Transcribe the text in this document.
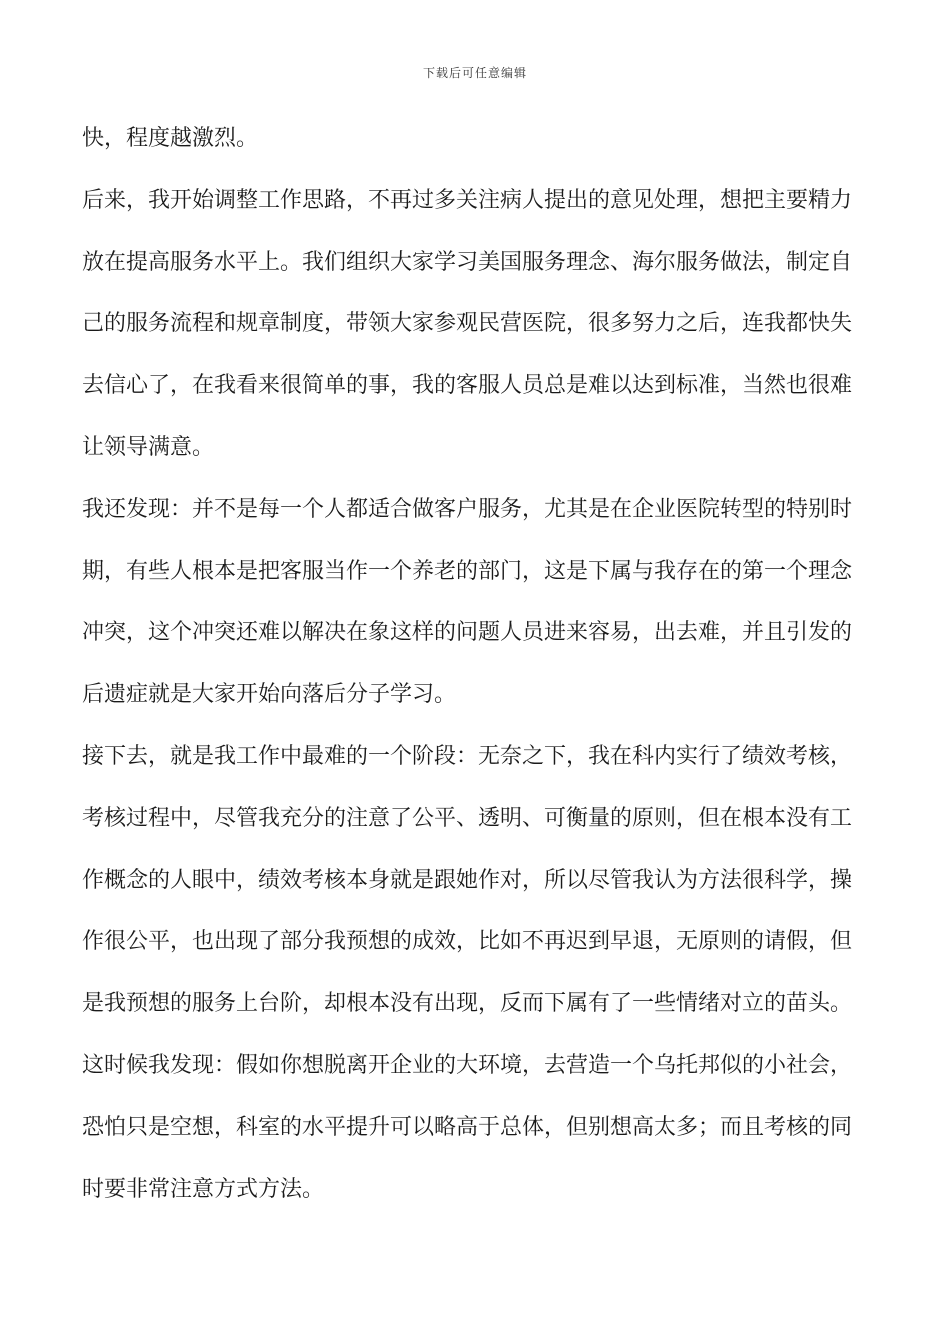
下载后可任意编辑
快，程度越激烈。
后来，我开始调整工作思路，不再过多关注病人提出的意见处理，想把主要精力
放在提高服务水平上。我们组织大家学习美国服务理念、海尔服务做法，制定自
己的服务流程和规章制度，带领大家参观民营医院，很多努力之后，连我都快失
去信心了，在我看来很简单的事，我的客服人员总是难以达到标准，当然也很难
让领导满意。
我还发现：并不是每一个人都适合做客户服务，尤其是在企业医院转型的特别时
期，有些人根本是把客服当作一个养老的部门，这是下属与我存在的第一个理念
冲突，这个冲突还难以解决在象这样的问题人员进来容易，出去难，并且引发的
后遗症就是大家开始向落后分子学习。
接下去，就是我工作中最难的一个阶段：无奈之下，我在科内实行了绩效考核，
考核过程中，尽管我充分的注意了公平、透明、可衡量的原则，但在根本没有工
作概念的人眼中，绩效考核本身就是跟她作对，所以尽管我认为方法很科学，操
作很公平，也出现了部分我预想的成效，比如不再迟到早退，无原则的请假，但
是我预想的服务上台阶，却根本没有出现，反而下属有了一些情绪对立的苗头。
这时候我发现：假如你想脱离开企业的大环境，去营造一个乌托邦似的小社会，
恐怕只是空想，科室的水平提升可以略高于总体，但别想高太多；而且考核的同
时要非常注意方式方法。
